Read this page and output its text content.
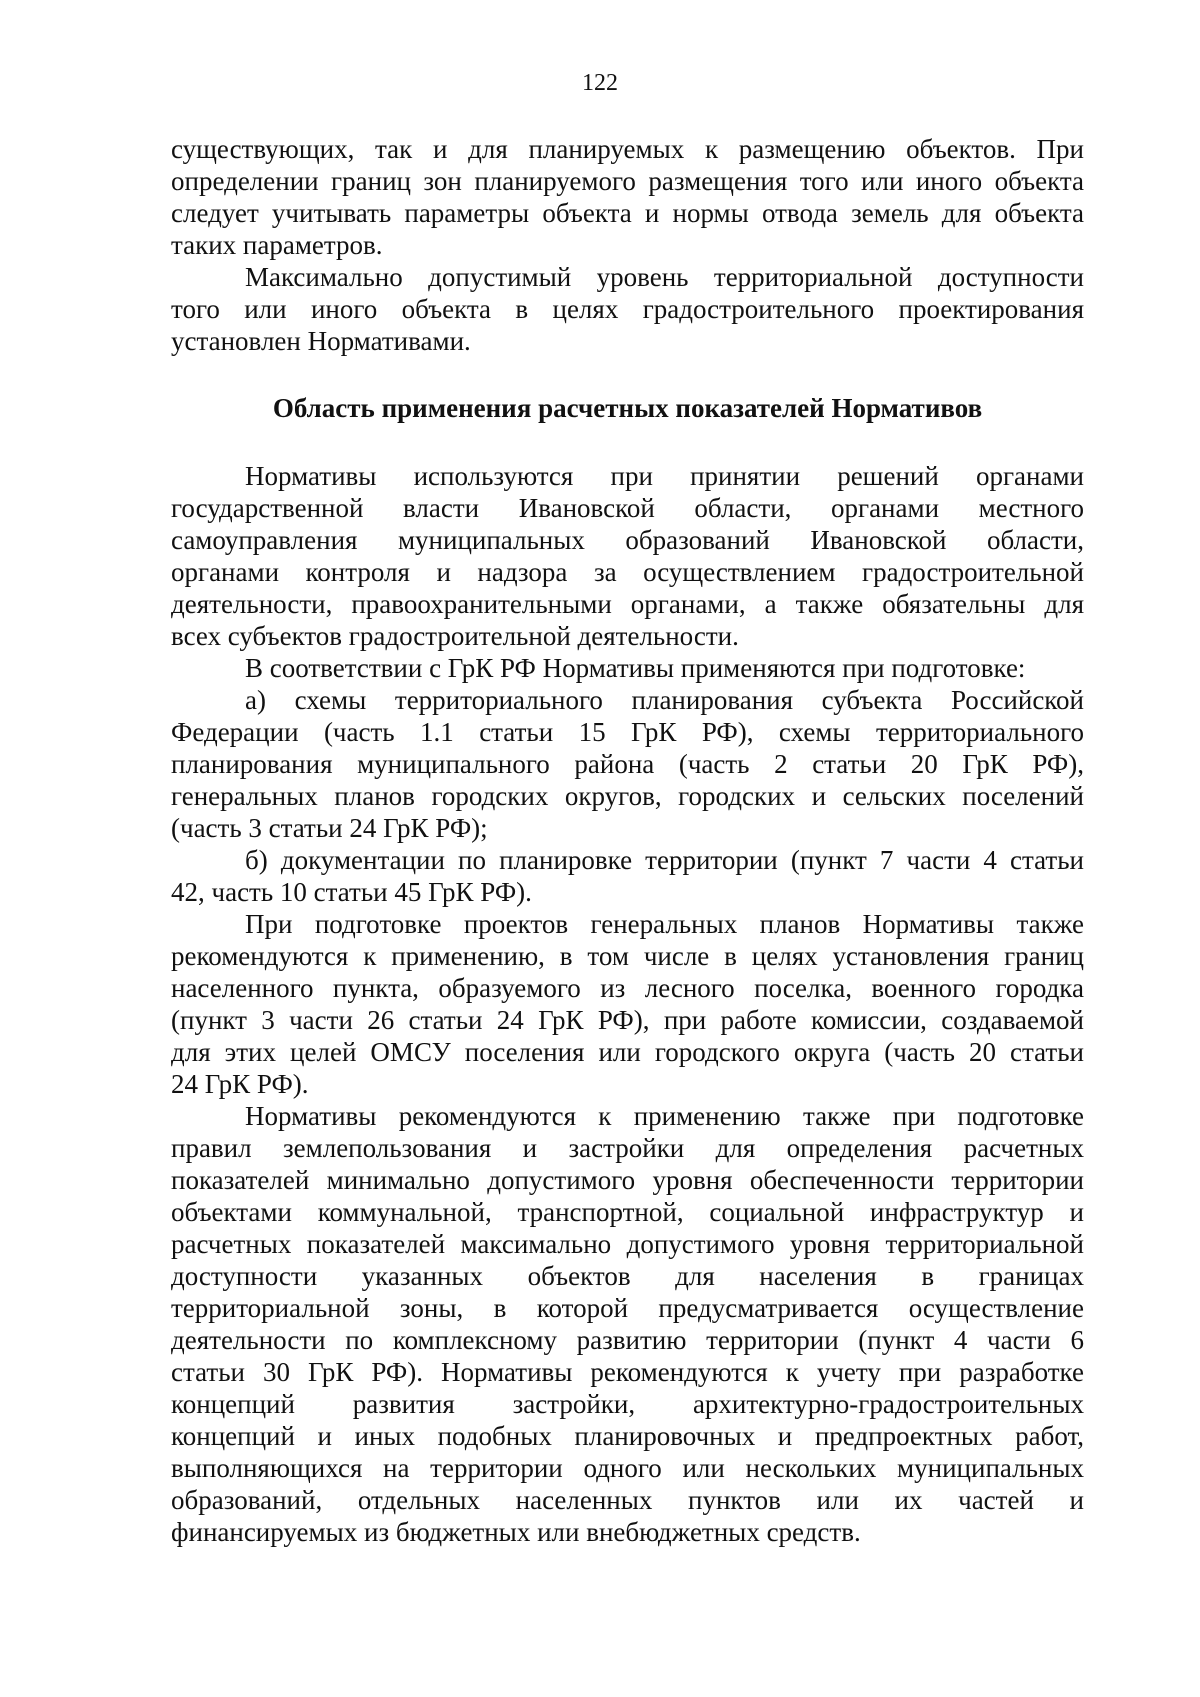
122
существующих, так и для планируемых к размещению объектов. При
определении границ зон планируемого размещения того или иного объекта
следует учитывать параметры объекта и нормы отвода земель для объекта
таких параметров.
Максимально допустимый уровень территориальной доступности
того или иного объекта в целях градостроительного проектирования
установлен Нормативами.
Область применения расчетных показателей Нормативов
Нормативы используются при принятии решений органами
государственной власти Ивановской области, органами местного
самоуправления муниципальных образований Ивановской области,
органами контроля и надзора за осуществлением градостроительной
деятельности, правоохранительными органами, а также обязательны для
всех субъектов градостроительной деятельности.
В соответствии с ГрК РФ Нормативы применяются при подготовке:
а) схемы территориального планирования субъекта Российской
Федерации (часть 1.1 статьи 15 ГрК РФ), схемы территориального
планирования муниципального района (часть 2 статьи 20 ГрК РФ),
генеральных планов городских округов, городских и сельских поселений
(часть 3 статьи 24 ГрК РФ);
б) документации по планировке территории (пункт 7 части 4 статьи
42, часть 10 статьи 45 ГрК РФ).
При подготовке проектов генеральных планов Нормативы также
рекомендуются к применению, в том числе в целях установления границ
населенного пункта, образуемого из лесного поселка, военного городка
(пункт 3 части 26 статьи 24 ГрК РФ), при работе комиссии, создаваемой
для этих целей ОМСУ поселения или городского округа (часть 20 статьи
24 ГрК РФ).
Нормативы рекомендуются к применению также при подготовке
правил землепользования и застройки для определения расчетных
показателей минимально допустимого уровня обеспеченности территории
объектами коммунальной, транспортной, социальной инфраструктур и
расчетных показателей максимально допустимого уровня территориальной
доступности указанных объектов для населения в границах
территориальной зоны, в которой предусматривается осуществление
деятельности по комплексному развитию территории (пункт 4 части 6
статьи 30 ГрК РФ). Нормативы рекомендуются к учету при разработке
концепций развития застройки, архитектурно-градостроительных
концепций и иных подобных планировочных и предпроектных работ,
выполняющихся на территории одного или нескольких муниципальных
образований, отдельных населенных пунктов или их частей и
финансируемых из бюджетных или внебюджетных средств.
